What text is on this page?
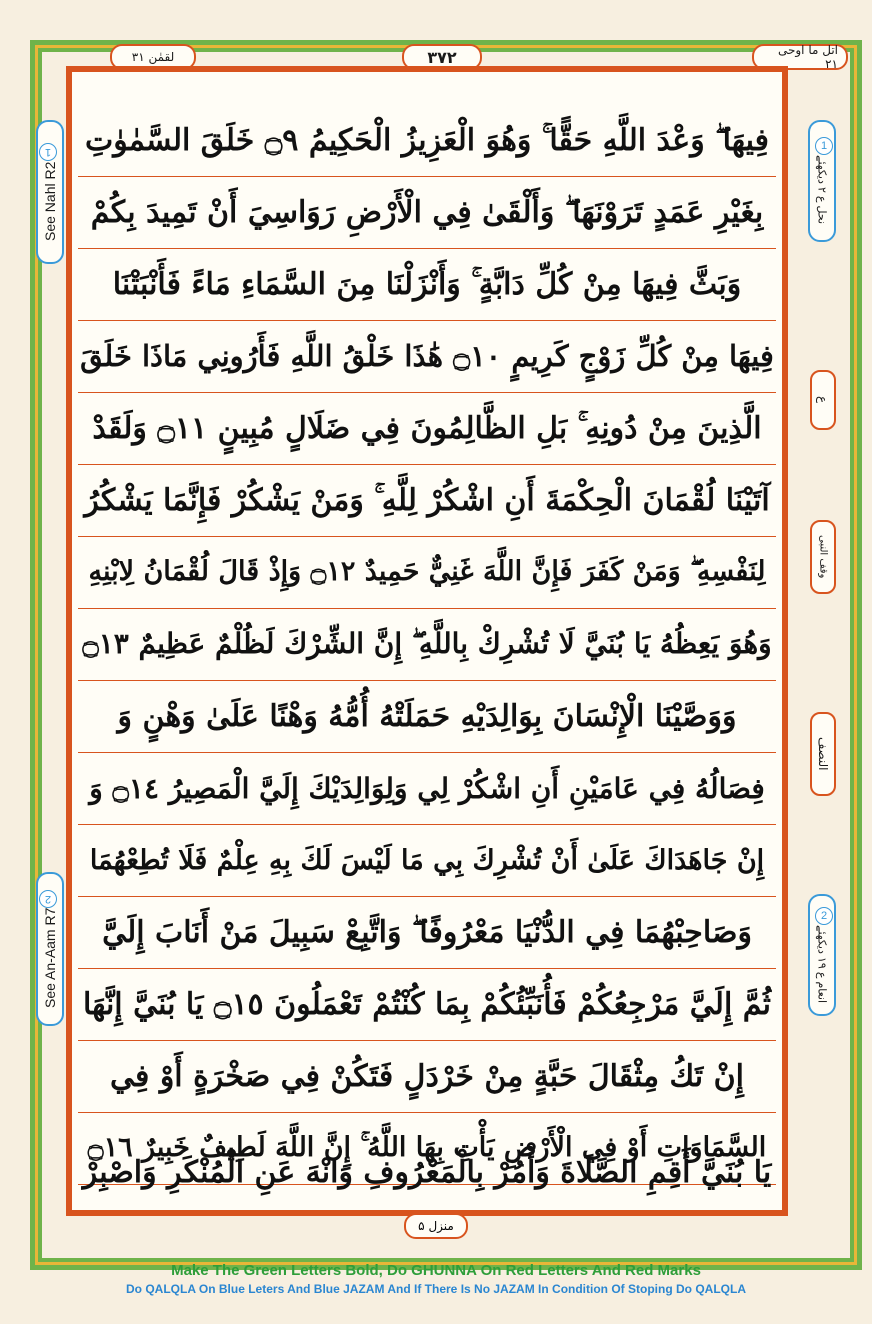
اتل ما اوحی ۲۱
۳۷۲
لقمٰن ۳۱
فِيهَا ۖ وَعْدَ اللَّهِ حَقًّا ۚ وَهُوَ الْعَزِيزُ الْحَكِيمُ ۝٩ خَلَقَ السَّمٰوٰتِ
بِغَيْرِ عَمَدٍ تَرَوْنَهَا ۖ وَأَلْقَىٰ فِي الْأَرْضِ رَوَاسِيَ أَنْ تَمِيدَ بِكُمْ
وَبَثَّ فِيهَا مِنْ كُلِّ دَابَّةٍ ۚ وَأَنْزَلْنَا مِنَ السَّمَاءِ مَاءً فَأَنْبَتْنَا
فِيهَا مِنْ كُلِّ زَوْجٍ كَرِيمٍ ۝١٠ هَٰذَا خَلْقُ اللَّهِ فَأَرُونِي مَاذَا خَلَقَ
الَّذِينَ مِنْ دُونِهِ ۚ بَلِ الظَّالِمُونَ فِي ضَلَالٍ مُبِينٍ ۝١١ وَلَقَدْ
آتَيْنَا لُقْمَانَ الْحِكْمَةَ أَنِ اشْكُرْ لِلَّهِ ۚ وَمَنْ يَشْكُرْ فَإِنَّمَا يَشْكُرُ
لِنَفْسِهِ ۖ وَمَنْ كَفَرَ فَإِنَّ اللَّهَ غَنِيٌّ حَمِيدٌ ۝١٢ وَإِذْ قَالَ لُقْمَانُ لِابْنِهِ
وَهُوَ يَعِظُهُ يَا بُنَيَّ لَا تُشْرِكْ بِاللَّهِ ۖ إِنَّ الشِّرْكَ لَظُلْمٌ عَظِيمٌ ۝١٣
وَوَصَّيْنَا الْإِنْسَانَ بِوَالِدَيْهِ حَمَلَتْهُ أُمُّهُ وَهْنًا عَلَىٰ وَهْنٍ وَ
فِصَالُهُ فِي عَامَيْنِ أَنِ اشْكُرْ لِي وَلِوَالِدَيْكَ إِلَيَّ الْمَصِيرُ ۝١٤ وَ
إِنْ جَاهَدَاكَ عَلَىٰ أَنْ تُشْرِكَ بِي مَا لَيْسَ لَكَ بِهِ عِلْمٌ فَلَا تُطِعْهُمَا
وَصَاحِبْهُمَا فِي الدُّنْيَا مَعْرُوفًا ۖ وَاتَّبِعْ سَبِيلَ مَنْ أَنَابَ إِلَيَّ
ثُمَّ إِلَيَّ مَرْجِعُكُمْ فَأُنَبِّئُكُمْ بِمَا كُنْتُمْ تَعْمَلُونَ ۝١٥ يَا بُنَيَّ إِنَّهَا
إِنْ تَكُ مِثْقَالَ حَبَّةٍ مِنْ خَرْدَلٍ فَتَكُنْ فِي صَخْرَةٍ أَوْ فِي
السَّمَاوَاتِ أَوْ فِي الْأَرْضِ يَأْتِ بِهَا اللَّهُ ۚ إِنَّ اللَّهَ لَطِيفٌ خَبِيرٌ ۝١٦
يَا بُنَيَّ أَقِمِ الصَّلَاةَ وَأْمُرْ بِالْمَعْرُوفِ وَانْهَ عَنِ الْمُنْكَرِ وَاصْبِرْ
See Nahl R2
1
See An-Aam R7
2
1
نحل ع ۲ دیکھئے
2
انعام ع ۱۹ دیکھئے
ع
وقف النبی
النصف
منزل ۵
Make The Green Letters Bold, Do GHUNNA On Red Letters And Red Marks
Do QALQLA On Blue Leters And Blue JAZAM And If There Is No JAZAM In Condition Of Stoping Do QALQLA
